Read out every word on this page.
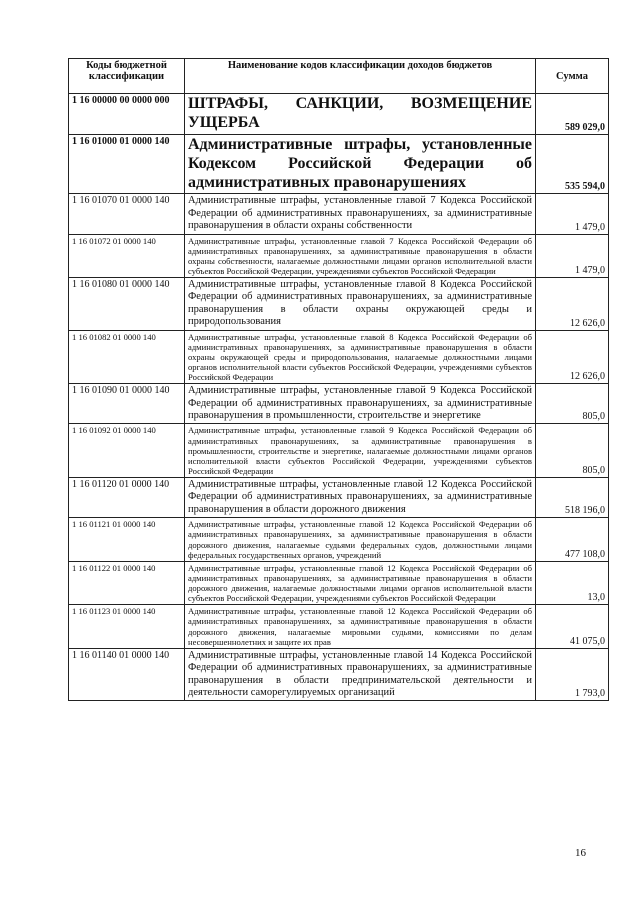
Коды бюджетной классификации	Наименование кодов классификации доходов бюджетов	Сумма
1 16 00000 00 0000 000	ШТРАФЫ, САНКЦИИ, ВОЗМЕЩЕНИЕ УЩЕРБА	589 029,0
1 16 01000 01 0000 140	Административные штрафы, установленные Кодексом Российской Федерации об административных правонарушениях	535 594,0
1 16 01070 01 0000 140	Административные штрафы, установленные главой 7 Кодекса Российской Федерации об административных правонарушениях, за административные правонарушения в области охраны собственности	1 479,0
1 16 01072 01 0000 140	Административные штрафы, установленные главой 7 Кодекса Российской Федерации об административных правонарушениях, за административные правонарушения в области охраны собственности, налагаемые должностными лицами органов исполнительной власти субъектов Российской Федерации, учреждениями субъектов Российской Федерации	1 479,0
1 16 01080 01 0000 140	Административные штрафы, установленные главой 8 Кодекса Российской Федерации об административных правонарушениях, за административные правонарушения в области охраны окружающей среды и природопользования	12 626,0
1 16 01082 01 0000 140	Административные штрафы, установленные главой 8 Кодекса Российской Федерации об административных правонарушениях, за административные правонарушения в области охраны окружающей среды и природопользования, налагаемые должностными лицами органов исполнительной власти субъектов Российской Федерации, учреждениями субъектов Российской Федерации	12 626,0
1 16 01090 01 0000 140	Административные штрафы, установленные главой 9 Кодекса Российской Федерации об административных правонарушениях, за административные правонарушения в промышленности, строительстве и энергетике	805,0
1 16 01092 01 0000 140	Административные штрафы, установленные главой 9 Кодекса Российской Федерации об административных правонарушениях, за административные правонарушения в промышленности, строительстве и энергетике, налагаемые должностными лицами органов исполнительной власти субъектов Российской Федерации, учреждениями субъектов Российской Федерации	805,0
1 16 01120 01 0000 140	Административные штрафы, установленные главой 12 Кодекса Российской Федерации об административных правонарушениях, за административные правонарушения в области дорожного движения	518 196,0
1 16 01121 01 0000 140	Административные штрафы, установленные главой 12 Кодекса Российской Федерации об административных правонарушениях, за административные правонарушения в области дорожного движения, налагаемые судьями федеральных судов, должностными лицами федеральных государственных органов, учреждений	477 108,0
1 16 01122 01 0000 140	Административные штрафы, установленные главой 12 Кодекса Российской Федерации об административных правонарушениях, за административные правонарушения в области дорожного движения, налагаемые должностными лицами органов исполнительной власти субъектов Российской Федерации, учреждениями субъектов Российской Федерации	13,0
1 16 01123 01 0000 140	Административные штрафы, установленные главой 12 Кодекса Российской Федерации об административных правонарушениях, за административные правонарушения в области дорожного движения, налагаемые мировыми судьями, комиссиями по делам несовершеннолетних и защите их прав	41 075,0
1 16 01140 01 0000 140	Административные штрафы, установленные главой 14 Кодекса Российской Федерации об административных правонарушениях, за административные правонарушения в области предпринимательской деятельности и деятельности саморегулируемых организаций	1 793,0
16
